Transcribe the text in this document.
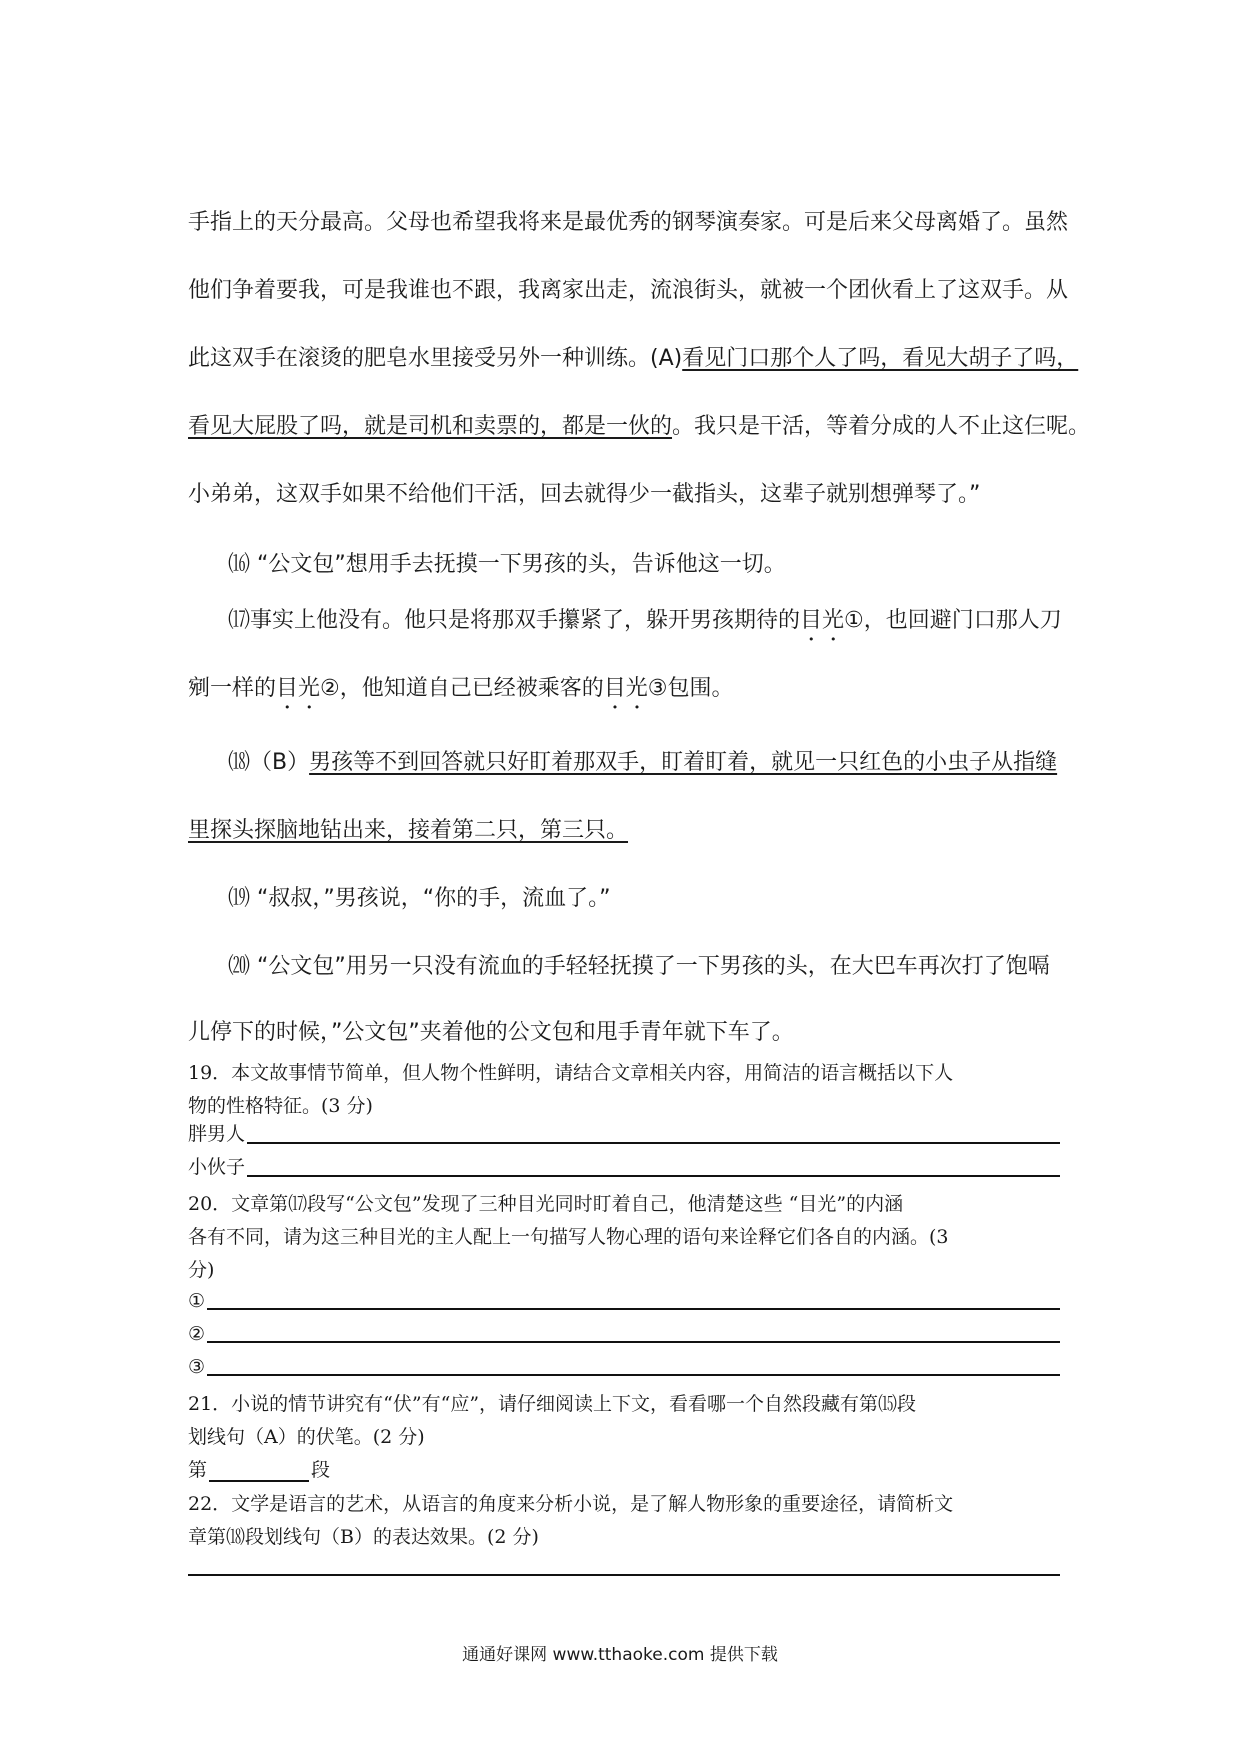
手指上的天分最高。父母也希望我将来是最优秀的钢琴演奏家。可是后来父母离婚了。虽然
他们争着要我，可是我谁也不跟，我离家出走，流浪街头，就被一个团伙看上了这双手。从
此这双手在滚烫的肥皂水里接受另外一种训练。(A)看见门口那个人了吗，看见大胡子了吗，
看见大屁股了吗，就是司机和卖票的，都是一伙的。我只是干活，等着分成的人不止这仨呢。
小弟弟，这双手如果不给他们干活，回去就得少一截指头，这辈子就别想弹琴了。”
⒃ “公文包”想用手去抚摸一下男孩的头，告诉他这一切。
⒄事实上他没有。他只是将那双手攥紧了，躲开男孩期待的目光①，也回避门口那人刀
剜一样的目光②，他知道自己已经被乘客的目光③包围。
⒅（B）男孩等不到回答就只好盯着那双手，盯着盯着，就见一只红色的小虫子从指缝
里探头探脑地钻出来，接着第二只，第三只。
⒆ “叔叔，”男孩说，“你的手，流血了。”
⒇ “公文包”用另一只没有流血的手轻轻抚摸了一下男孩的头，在大巴车再次打了饱嗝
儿停下的时候，”公文包”夹着他的公文包和甩手青年就下车了。
19．本文故事情节简单，但人物个性鲜明，请结合文章相关内容，用简洁的语言概括以下人
物的性格特征。(3 分)
胖男人
小伙子
20．文章第⒄段写“公文包”发现了三种目光同时盯着自己，他清楚这些 “目光”的内涵
各有不同，请为这三种目光的主人配上一句描写人物心理的语句来诠释它们各自的内涵。(3
分)
①
②
③
21．小说的情节讲究有“伏”有“应”，请仔细阅读上下文，看看哪一个自然段藏有第⒂段
划线句（A）的伏笔。(2 分)
第	段
22．文学是语言的艺术，从语言的角度来分析小说，是了解人物形象的重要途径，请简析文
章第⒅段划线句（B）的表达效果。(2 分)
通通好课网 www.tthaoke.com 提供下载
